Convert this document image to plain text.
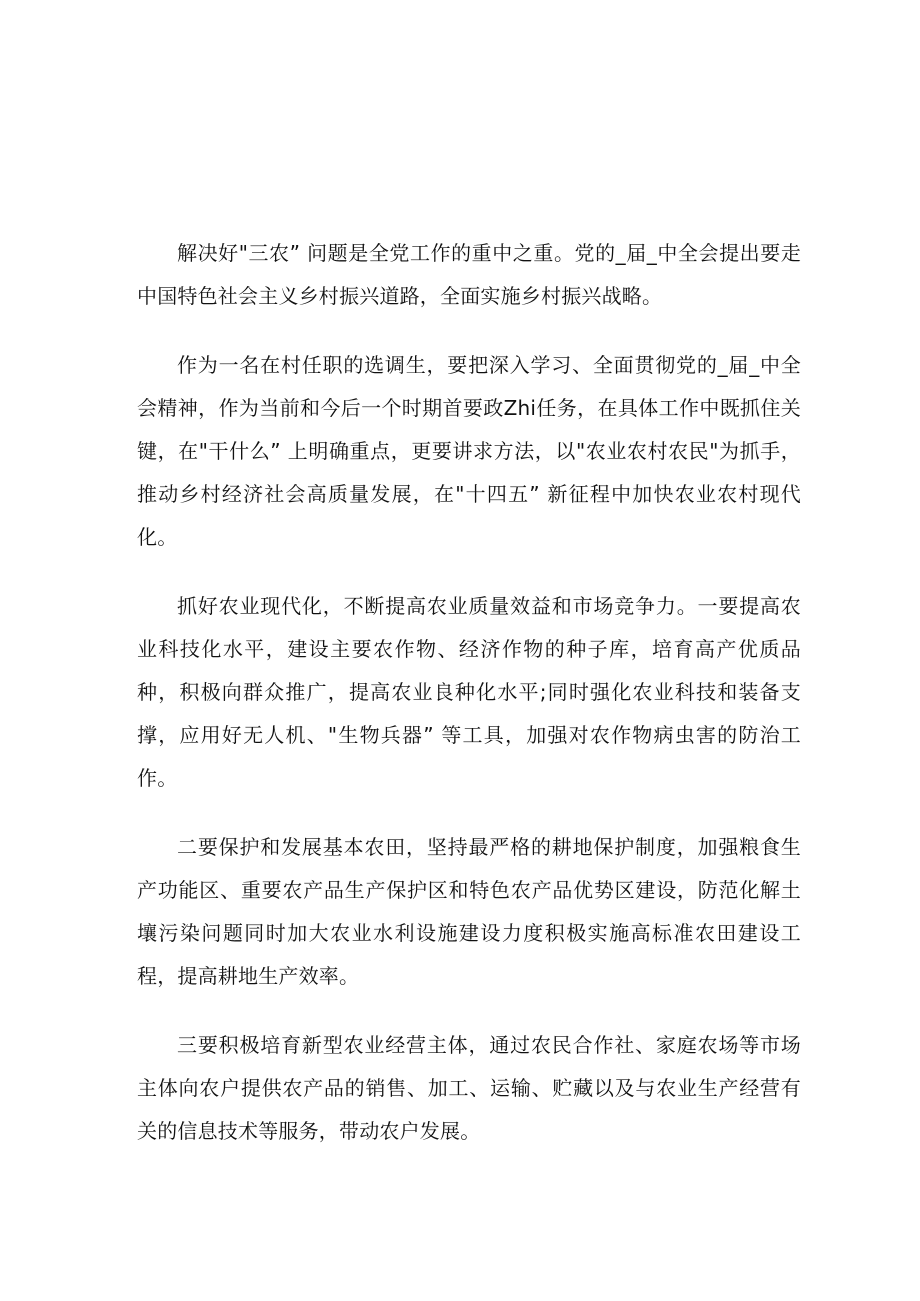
解决好"三农” 问题是全党工作的重中之重。党的_届_中全会提出要走中国特色社会主义乡村振兴道路，全面实施乡村振兴战略。

作为一名在村任职的选调生，要把深入学习、全面贯彻党的_届_中全会精神，作为当前和今后一个时期首要政Zhi任务，在具体工作中既抓住关键，在"干什么” 上明确重点，更要讲求方法，以"农业农村农民"为抓手，推动乡村经济社会高质量发展，在"十四五” 新征程中加快农业农村现代化。

抓好农业现代化，不断提高农业质量效益和市场竞争力。一要提高农业科技化水平，建设主要农作物、经济作物的种子库，培育高产优质品种，积极向群众推广，提高农业良种化水平;同时强化农业科技和装备支撑，应用好无人机、"生物兵器” 等工具，加强对农作物病虫害的防治工作。

二要保护和发展基本农田，坚持最严格的耕地保护制度，加强粮食生产功能区、重要农产品生产保护区和特色农产品优势区建设，防范化解土壤污染问题同时加大农业水利设施建设力度积极实施高标准农田建设工程，提高耕地生产效率。

三要积极培育新型农业经营主体，通过农民合作社、家庭农场等市场主体向农户提供农产品的销售、加工、运输、贮藏以及与农业生产经营有关的信息技术等服务，带动农户发展。
